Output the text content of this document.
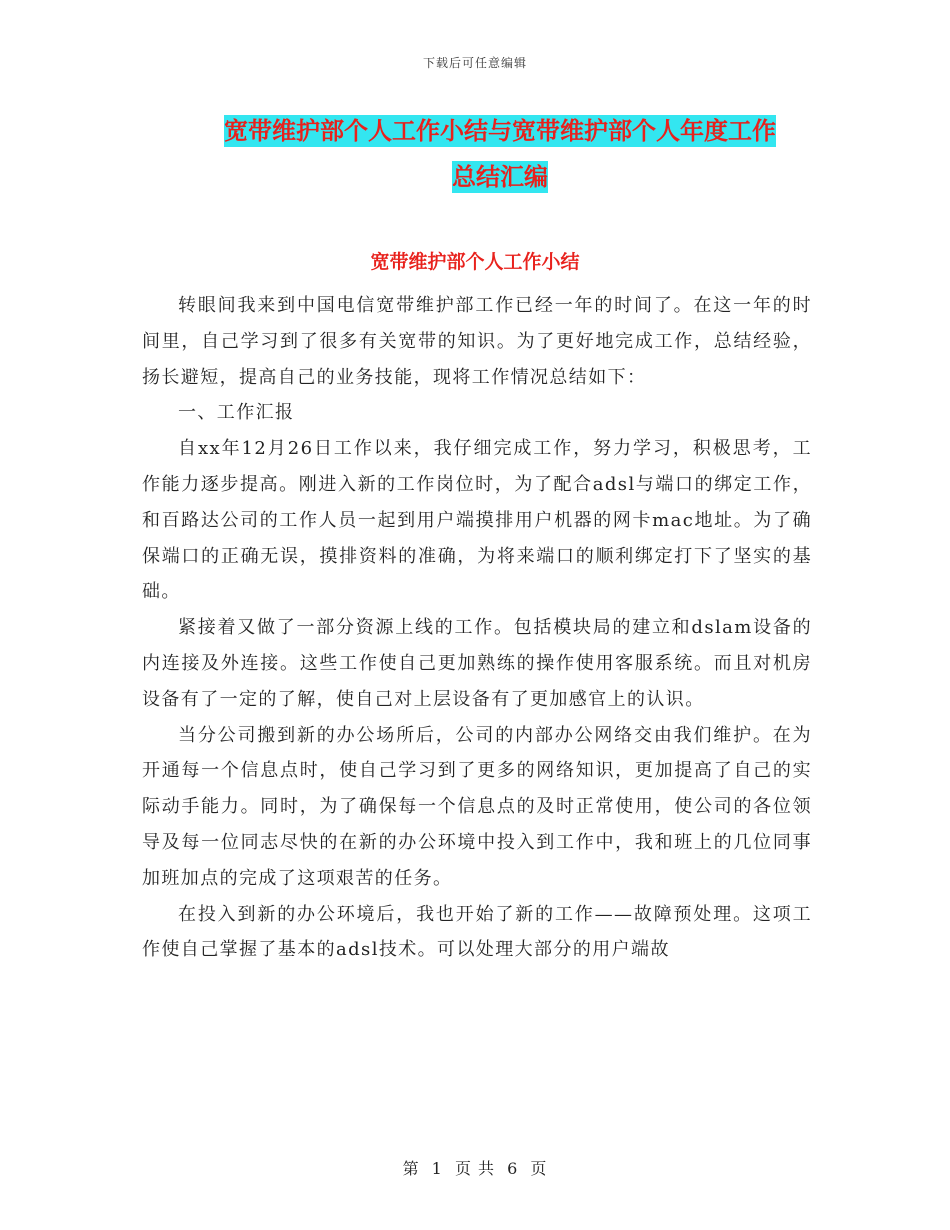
下载后可任意编辑
宽带维护部个人工作小结与宽带维护部个人年度工作
总结汇编
宽带维护部个人工作小结

转眼间我来到中国电信宽带维护部工作已经一年的时间了。在这一年的时间里，自己学习到了很多有关宽带的知识。为了更好地完成工作，总结经验，扬长避短，提高自己的业务技能，现将工作情况总结如下：

一、工作汇报

自xx年12月26日工作以来，我仔细完成工作，努力学习，积极思考，工作能力逐步提高。刚进入新的工作岗位时，为了配合adsl与端口的绑定工作，和百路达公司的工作人员一起到用户端摸排用户机器的网卡mac地址。为了确保端口的正确无误，摸排资料的准确，为将来端口的顺利绑定打下了坚实的基础。

紧接着又做了一部分资源上线的工作。包括模块局的建立和dslam设备的内连接及外连接。这些工作使自己更加熟练的操作使用客服系统。而且对机房设备有了一定的了解，使自己对上层设备有了更加感官上的认识。

当分公司搬到新的办公场所后，公司的内部办公网络交由我们维护。在为开通每一个信息点时，使自己学习到了更多的网络知识，更加提高了自己的实际动手能力。同时，为了确保每一个信息点的及时正常使用，使公司的各位领导及每一位同志尽快的在新的办公环境中投入到工作中，我和班上的几位同事加班加点的完成了这项艰苦的任务。

在投入到新的办公环境后，我也开始了新的工作——故障预处理。这项工作使自己掌握了基本的adsl技术。可以处理大部分的用户端故

第 1 页 共 6 页
